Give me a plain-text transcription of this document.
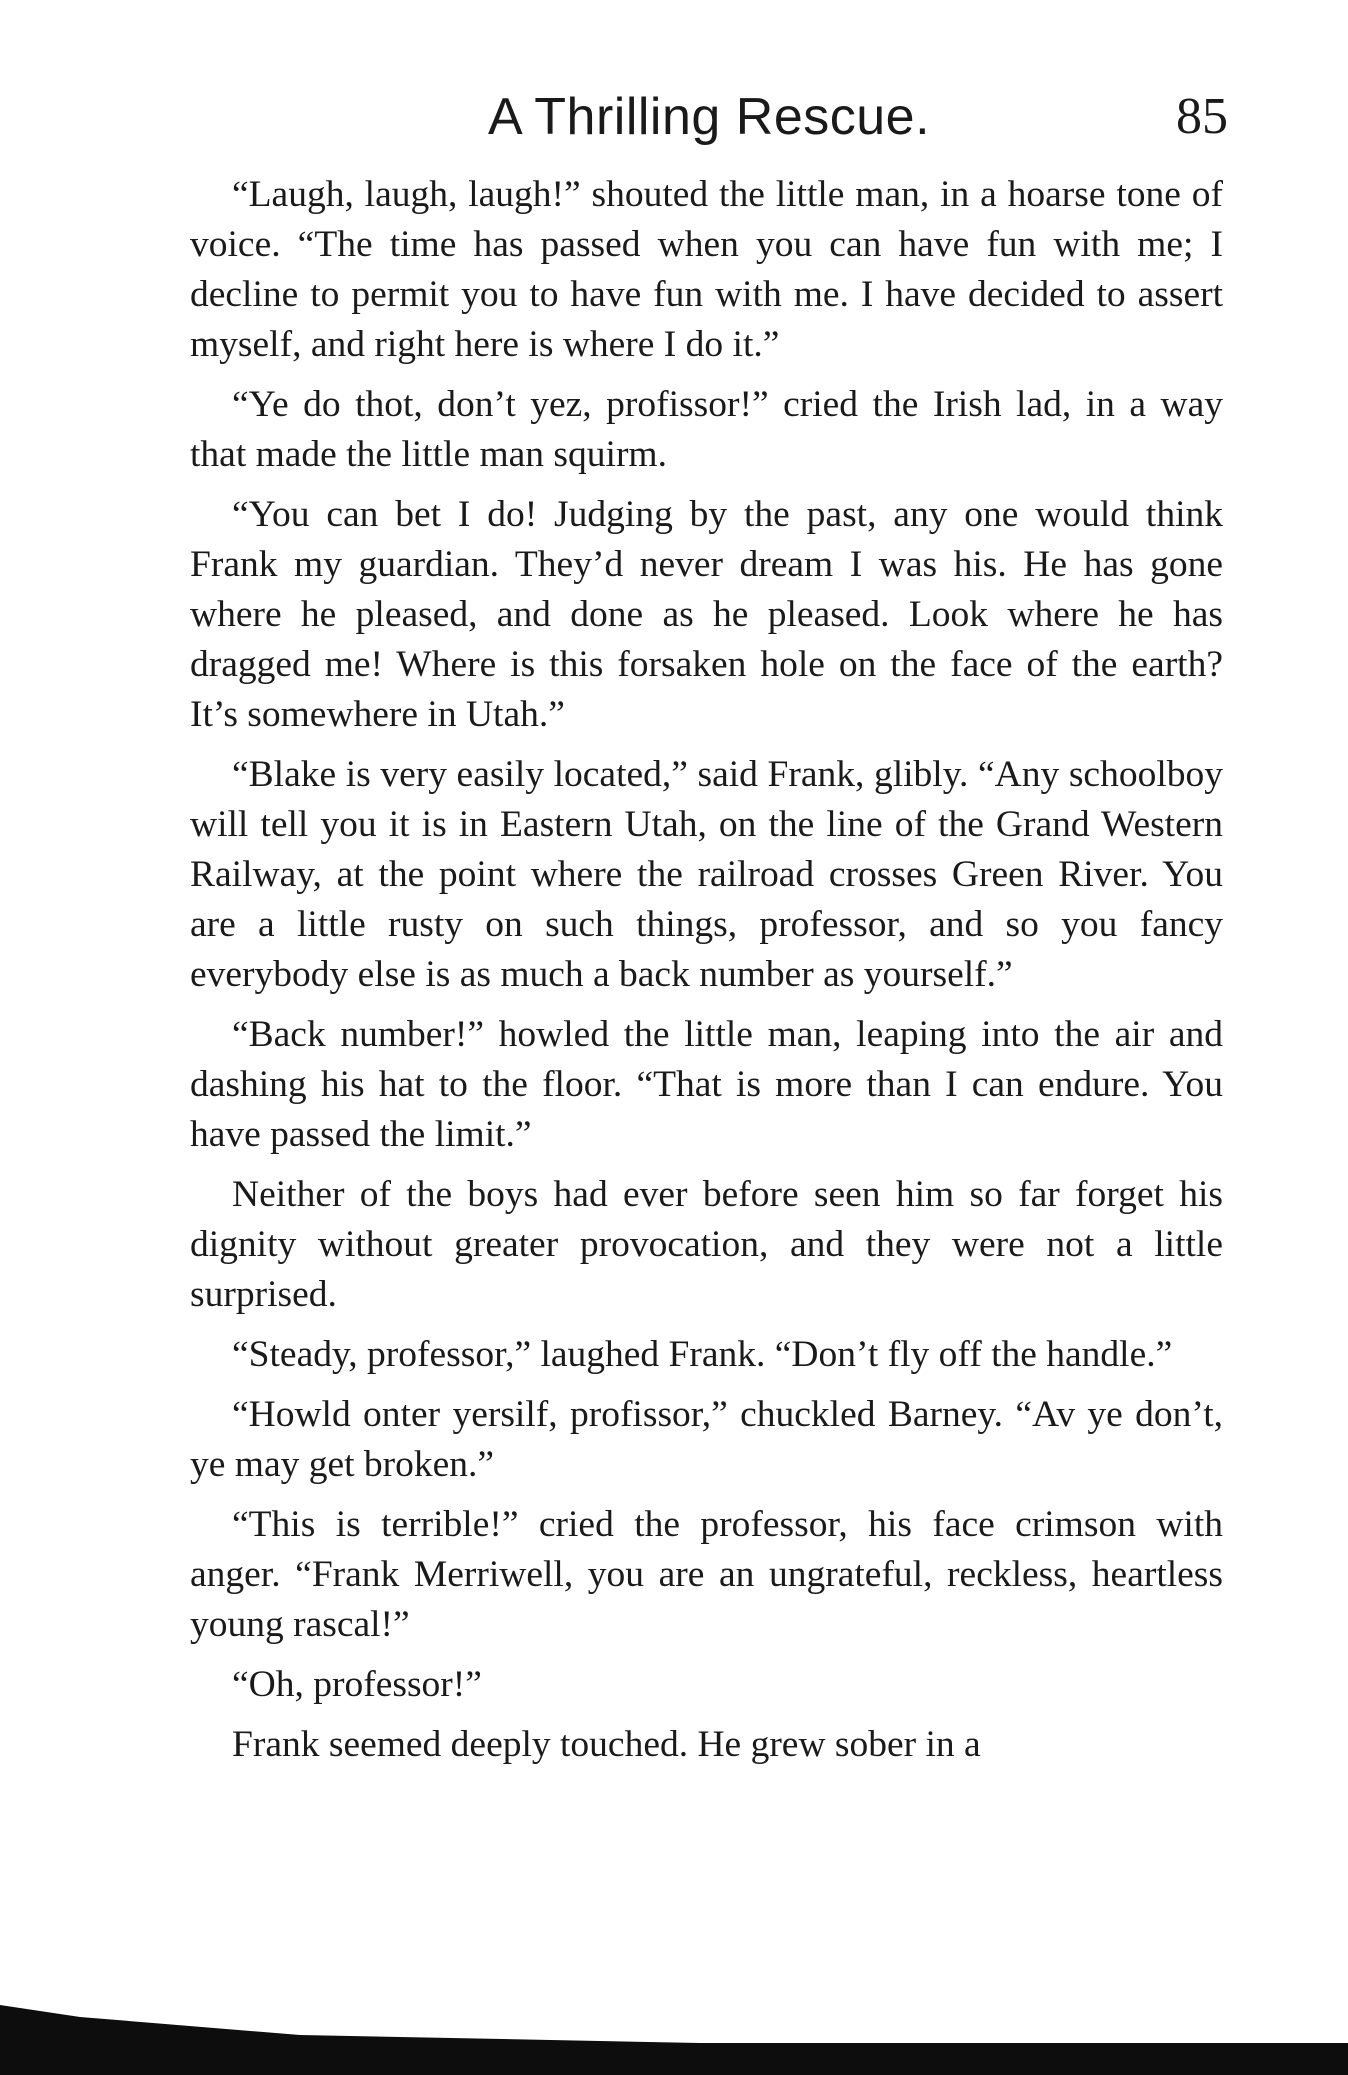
A Thrilling Rescue.	85

“Laugh, laugh, laugh!” shouted the little man, in a hoarse tone of voice. “The time has passed when you can have fun with me; I decline to permit you to have fun with me. I have decided to assert myself, and right here is where I do it.”

“Ye do thot, don’t yez, profissor!” cried the Irish lad, in a way that made the little man squirm.

“You can bet I do! Judging by the past, any one would think Frank my guardian. They’d never dream I was his. He has gone where he pleased, and done as he pleased. Look where he has dragged me! Where is this forsaken hole on the face of the earth? It’s somewhere in Utah.”

“Blake is very easily located,” said Frank, glibly. “Any schoolboy will tell you it is in Eastern Utah, on the line of the Grand Western Railway, at the point where the railroad crosses Green River. You are a little rusty on such things, professor, and so you fancy everybody else is as much a back number as yourself.”

“Back number!” howled the little man, leaping into the air and dashing his hat to the floor. “That is more than I can endure. You have passed the limit.”

Neither of the boys had ever before seen him so far forget his dignity without greater provocation, and they were not a little surprised.

“Steady, professor,” laughed Frank. “Don’t fly off the handle.”

“Howld onter yersilf, profissor,” chuckled Barney. “Av ye don’t, ye may get broken.”

“This is terrible!” cried the professor, his face crimson with anger. “Frank Merriwell, you are an ungrateful, reckless, heartless young rascal!”

“Oh, professor!”

Frank seemed deeply touched. He grew sober in a
